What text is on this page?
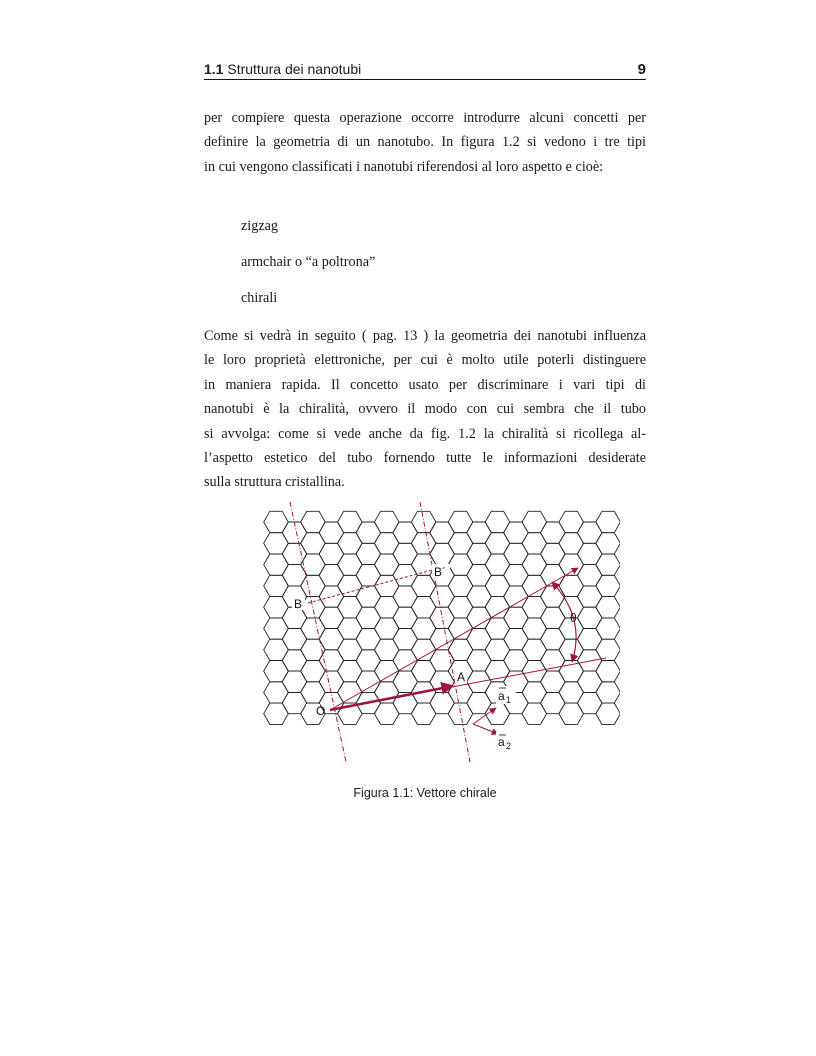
1.1 Struttura dei nanotubi	9
per compiere questa operazione occorre introdurre alcuni concetti per
definire la geometria di un nanotubo. In figura 1.2 si vedono i tre tipi
in cui vengono classificati i nanotubi riferendosi al loro aspetto e cioè:
zigzag
armchair o “a poltrona”
chirali
Come si vedrà in seguito ( pag. 13 ) la geometria dei nanotubi influenza
le loro proprietà elettroniche, per cui è molto utile poterli distinguere
in maniera rapida. Il concetto usato per discriminare i vari tipi di
nanotubi è la chiralità, ovvero il modo con cui sembra che il tubo
si avvolga: come si vede anche da fig. 1.2 la chiralità si ricollega al-
l’aspetto estetico del tubo fornendo tutte le informazioni desiderate
sulla struttura cristallina.
O
A
B
B´
θ
a 1
a 2
Figura 1.1: Vettore chirale
